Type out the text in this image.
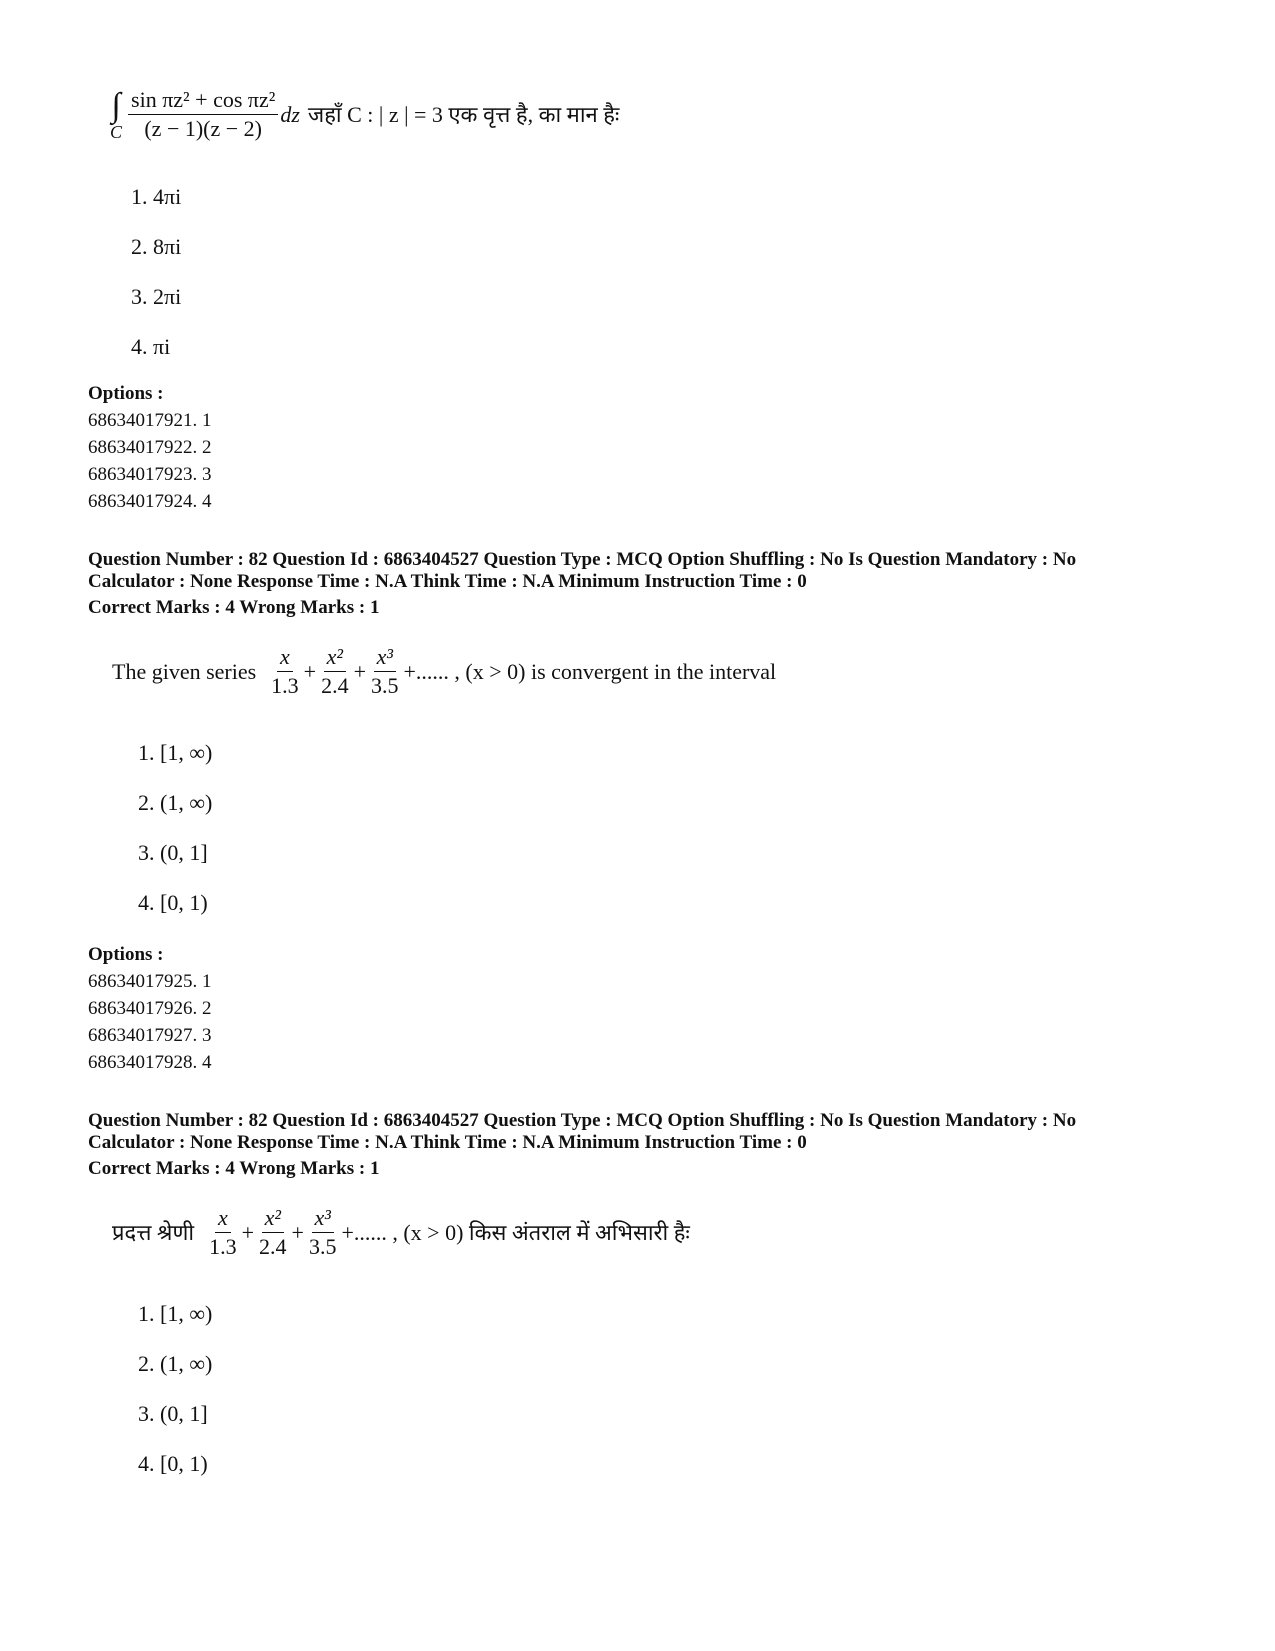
∫
C $\frac{\text{sin πz² + cos πz²}}{(z - 1)(z - 2)}$ dz जहाँ C : | z | = 3 एक वृत्त है, का मान हैः
1. 4πi
2. 8πi
3. 2πi
4. πi
Options :
68634017921. 1
68634017922. 2
68634017923. 3
68634017924. 4
Question Number : 82 Question Id : 6863404527 Question Type : MCQ Option Shuffling : No Is Question Mandatory : No
Calculator : None Response Time : N.A Think Time : N.A Minimum Instruction Time : 0
Correct Marks : 4 Wrong Marks : 1
The given series $\frac{x}{1.3} + \frac{\text{x²}}{2.4} + \frac{\text{x³}}{3.5}$ +...... , (x > 0) is convergent in the interval
1. [1, ∞)
2. (1, ∞)
3. (0, 1]
4. [0, 1)
Options :
68634017925. 1
68634017926. 2
68634017927. 3
68634017928. 4
Question Number : 82 Question Id : 6863404527 Question Type : MCQ Option Shuffling : No Is Question Mandatory : No
Calculator : None Response Time : N.A Think Time : N.A Minimum Instruction Time : 0
Correct Marks : 4 Wrong Marks : 1
प्रदत्त श्रेणी $\frac{x}{1.3} + \frac{\text{x²}}{2.4} + \frac{\text{x³}}{3.5}$ +...... , (x > 0) किस अंतराल में अभिसारी हैः
1. [1, ∞)
2. (1, ∞)
3. (0, 1]
4. [0, 1)
